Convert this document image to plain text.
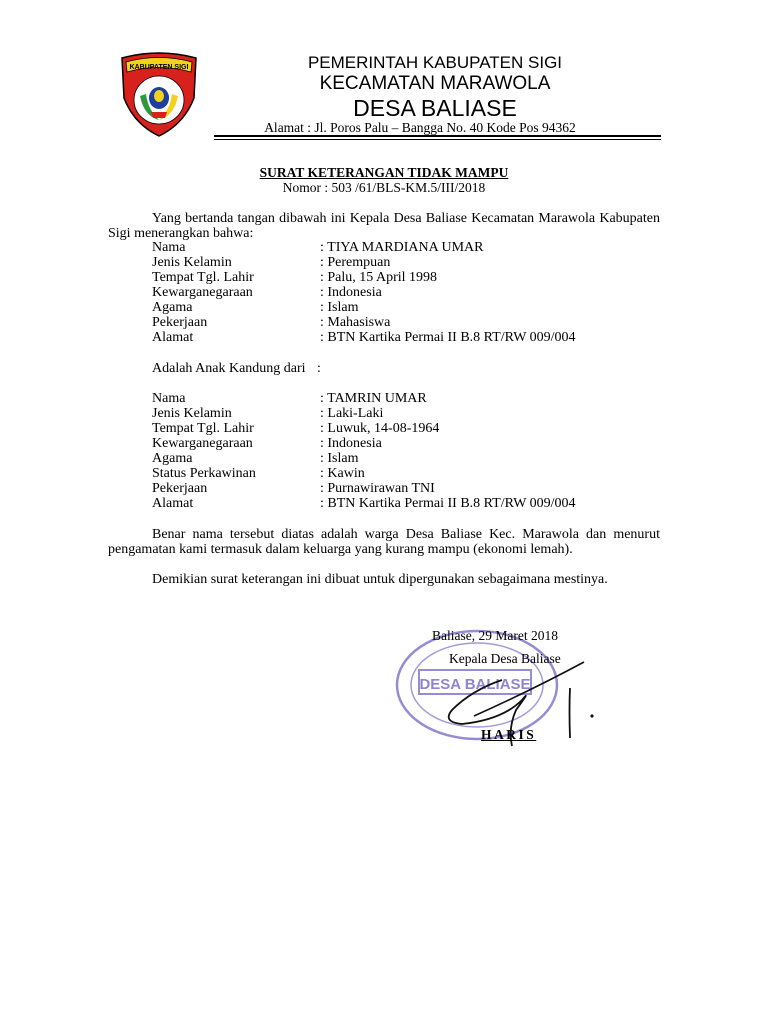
KABUPATEN SIGI	PEMERINTAH KABUPATEN SIGI
KECAMATAN MARAWOLA
DESA BALIASE
Alamat : Jl. Poros Palu – Bangga No. 40 Kode Pos 94362
SURAT KETERANGAN TIDAK MAMPU
Nomor : 503 /61/BLS-KM.5/III/2018
Yang bertanda tangan dibawah ini Kepala Desa Baliase Kecamatan Marawola Kabupaten Sigi menerangkan bahwa:
Nama	: TIYA MARDIANA UMAR
Jenis Kelamin	: Perempuan
Tempat Tgl. Lahir	: Palu, 15 April 1998
Kewarganegaraan	: Indonesia
Agama	: Islam
Pekerjaan	: Mahasiswa
Alamat	: BTN Kartika Permai II B.8 RT/RW 009/004
Adalah Anak Kandung dari :
Nama	: TAMRIN UMAR
Jenis Kelamin	: Laki-Laki
Tempat Tgl. Lahir	: Luwuk, 14-08-1964
Kewarganegaraan	: Indonesia
Agama	: Islam
Status Perkawinan	: Kawin
Pekerjaan	: Purnawirawan TNI
Alamat	: BTN Kartika Permai II B.8 RT/RW 009/004
Benar nama tersebut diatas adalah warga Desa Baliase Kec. Marawola dan menurut pengamatan kami termasuk dalam keluarga yang kurang mampu (ekonomi lemah).
Demikian surat keterangan ini dibuat untuk dipergunakan sebagaimana mestinya.
DESA BALIASE
Baliase, 29 Maret 2018
Kepala Desa Baliase
HARIS
